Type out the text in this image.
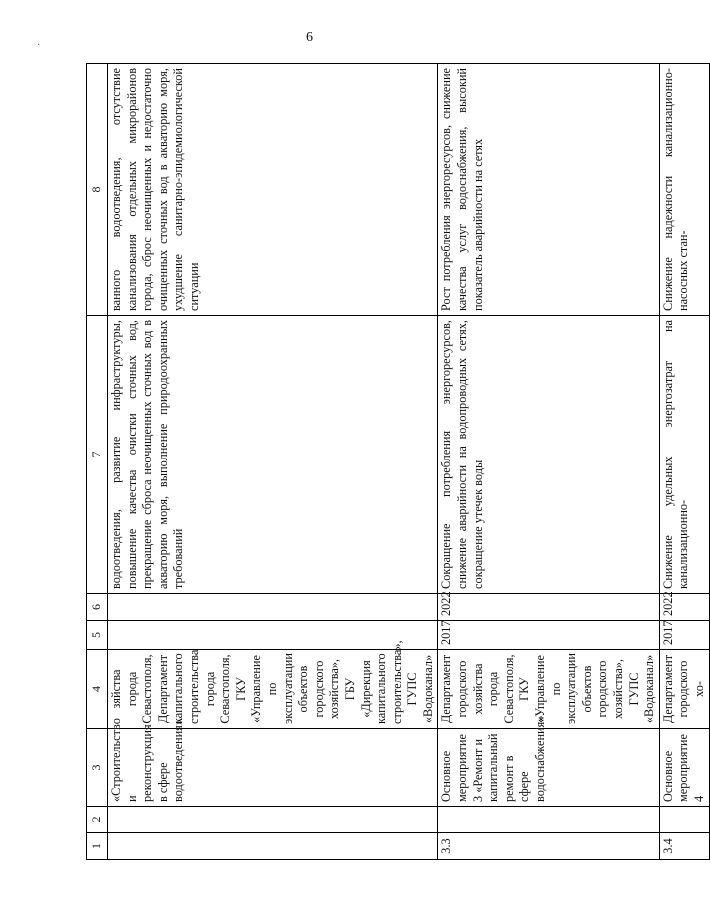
·
6
1	2	3	4	5	6	7	8
		«Строительство и реконструкция в сфере водоотведения»	зяйства города Севастополя, Департамент капитального строительства города Севастополя, ГКУ «Управление по эксплуатации объектов городского хозяйства», ГБУ «Дирекция капитального строительства», ГУПС «Водоканал»			водоотведения, развитие инфраструктуры, повышение качества очистки сточных вод, прекращение сброса неочищенных сточных вод в акваторию моря, выполнение природоохранных требований	ванного водоотведения, отсутствие канализования отдельных микрорайонов города, сброс неочищенных и недостаточно очищенных сточных вод в акваторию моря, ухудшение санитарно-эпидемиологической ситуации
3.3		Основное мероприятие 3 «Ремонт и капитальный ремонт в сфере водоснабжения»	Департамент городского хозяйства города Севастополя, ГКУ «Управление по эксплуатации объектов городского хозяйства», ГУПС «Водоканал»	2017	2022	Сокращение потребления энергоресурсов, снижение аварийности на водопроводных сетях, сокращение утечек воды	Рост потребления энергоресурсов, снижение качества услуг водоснабжения, высокий показатель аварийности на сетях
3.4		Основное мероприятие 4	Департамент городского хо-	2017	2022	Снижение удельных энергозатрат на канализационно-	Снижение надежности канализационно-насосных стан-
